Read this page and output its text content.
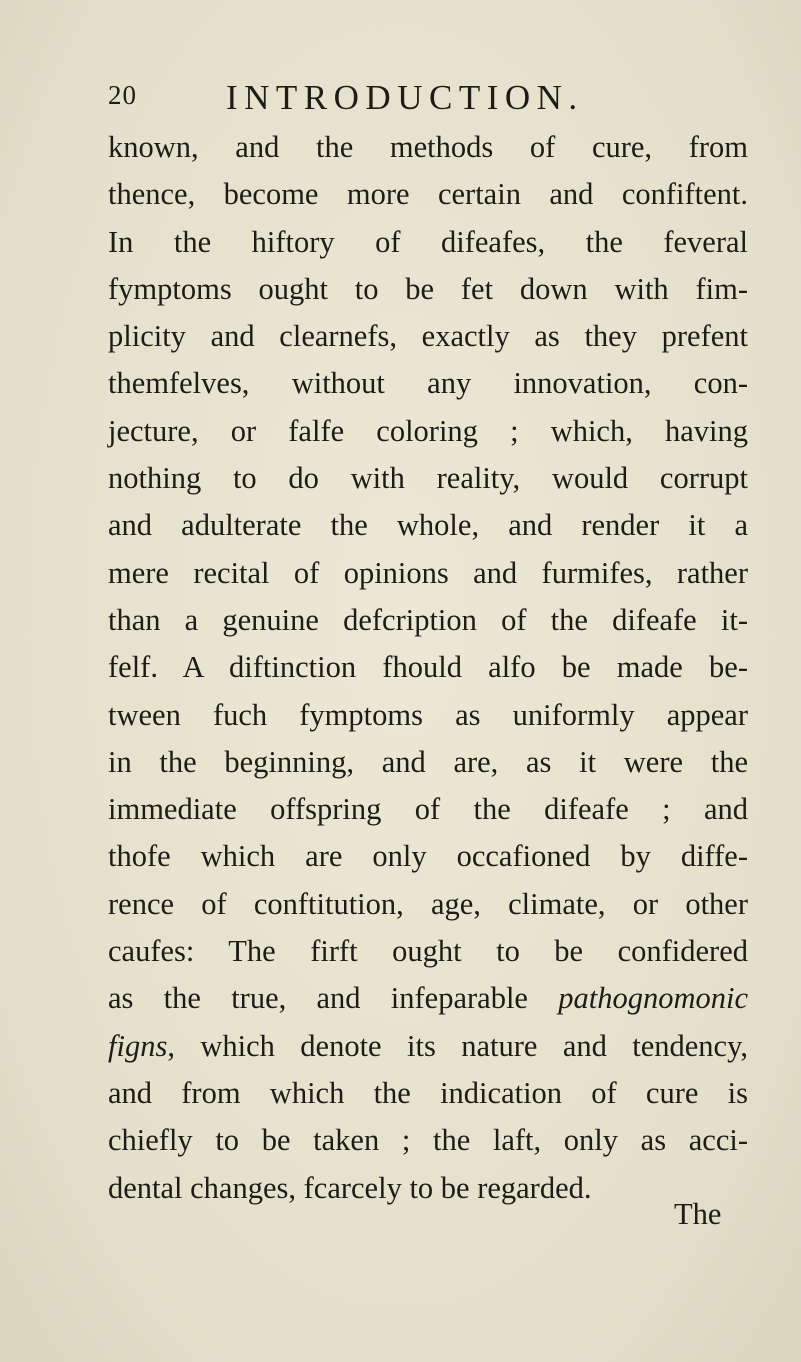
20	INTRODUCTION.
known, and the methods of cure, from
thence, become more certain and confiftent.
In the hiftory of difeafes, the feveral
fymptoms ought to be fet down with fim-
plicity and clearnefs, exactly as they prefent
themfelves, without any innovation, con-
jecture, or falfe coloring ; which, having
nothing to do with reality, would corrupt
and adulterate the whole, and render it a
mere recital of opinions and furmifes, rather
than a genuine defcription of the difeafe it-
felf. A diftinction fhould alfo be made be-
tween fuch fymptoms as uniformly appear
in the beginning, and are, as it were the
immediate offspring of the difeafe ; and
thofe which are only occafioned by diffe-
rence of conftitution, age, climate, or other
caufes: The firft ought to be confidered
as the true, and infeparable pathognomonic
figns, which denote its nature and tendency,
and from which the indication of cure is
chiefly to be taken ; the laft, only as acci-
dental changes, fcarcely to be regarded.
The
